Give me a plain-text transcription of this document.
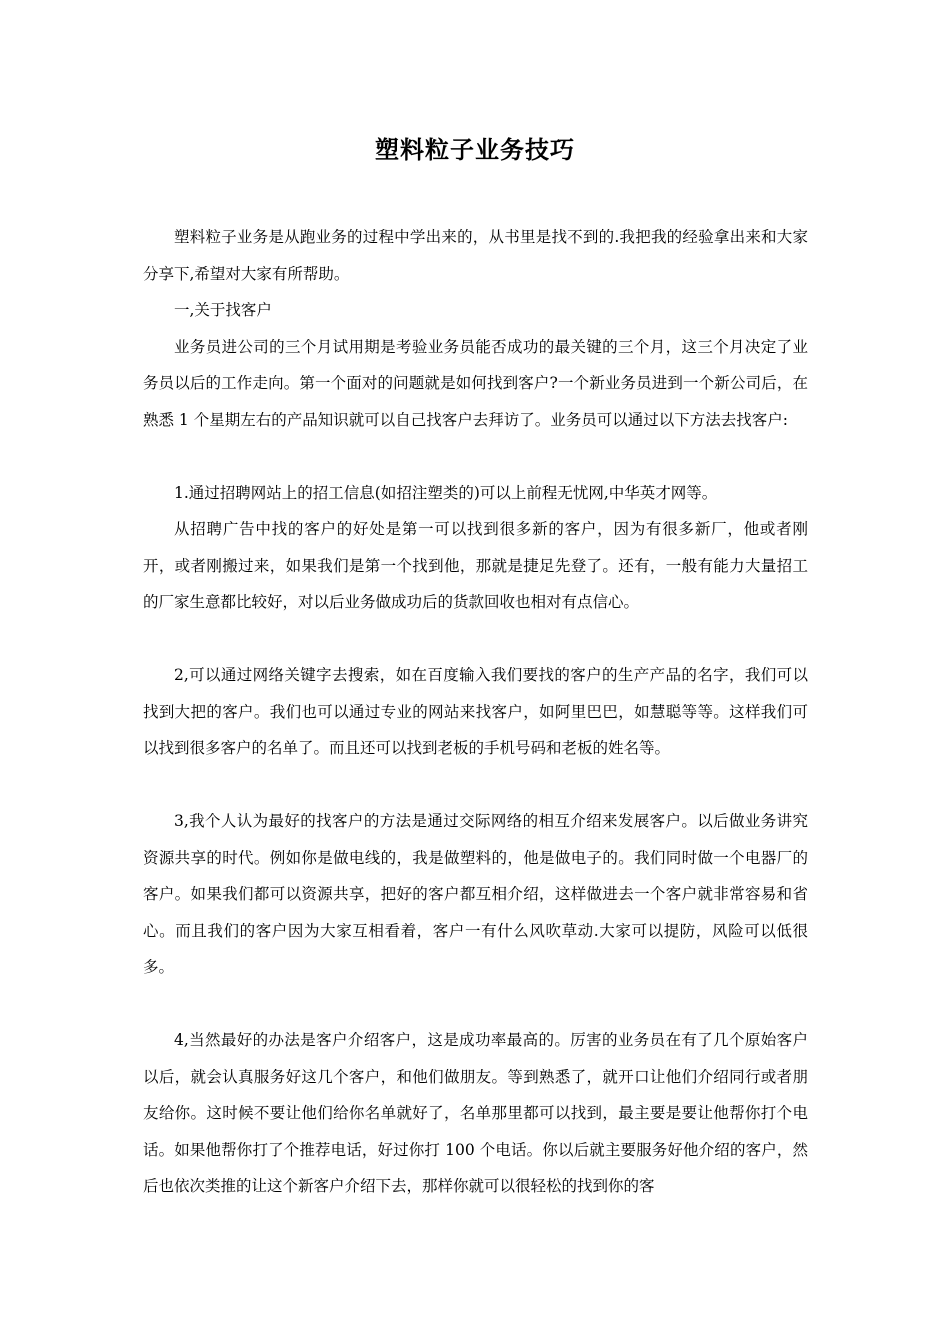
塑料粒子业务技巧

塑料粒子业务是从跑业务的过程中学出来的，从书里是找不到的.我把我的经验拿出来和大家分享下,希望对大家有所帮助。

一,关于找客户

业务员进公司的三个月试用期是考验业务员能否成功的最关键的三个月，这三个月决定了业务员以后的工作走向。第一个面对的问题就是如何找到客户?一个新业务员进到一个新公司后，在熟悉 1 个星期左右的产品知识就可以自己找客户去拜访了。业务员可以通过以下方法去找客户:

1.通过招聘网站上的招工信息(如招注塑类的)可以上前程无忧网,中华英才网等。

从招聘广告中找的客户的好处是第一可以找到很多新的客户，因为有很多新厂，他或者刚开，或者刚搬过来，如果我们是第一个找到他，那就是捷足先登了。还有，一般有能力大量招工的厂家生意都比较好，对以后业务做成功后的货款回收也相对有点信心。

2,可以通过网络关键字去搜索，如在百度输入我们要找的客户的生产产品的名字，我们可以找到大把的客户。我们也可以通过专业的网站来找客户，如阿里巴巴，如慧聪等等。这样我们可以找到很多客户的名单了。而且还可以找到老板的手机号码和老板的姓名等。

3,我个人认为最好的找客户的方法是通过交际网络的相互介绍来发展客户。以后做业务讲究资源共享的时代。例如你是做电线的，我是做塑料的，他是做电子的。我们同时做一个电器厂的客户。如果我们都可以资源共享，把好的客户都互相介绍，这样做进去一个客户就非常容易和省心。而且我们的客户因为大家互相看着，客户一有什么风吹草动.大家可以提防，风险可以低很多。

4,当然最好的办法是客户介绍客户，这是成功率最高的。厉害的业务员在有了几个原始客户以后，就会认真服务好这几个客户，和他们做朋友。等到熟悉了，就开口让他们介绍同行或者朋友给你。这时候不要让他们给你名单就好了，名单那里都可以找到，最主要是要让他帮你打个电话。如果他帮你打了个推荐电话，好过你打 100 个电话。你以后就主要服务好他介绍的客户，然后也依次类推的让这个新客户介绍下去，那样你就可以很轻松的找到你的客
